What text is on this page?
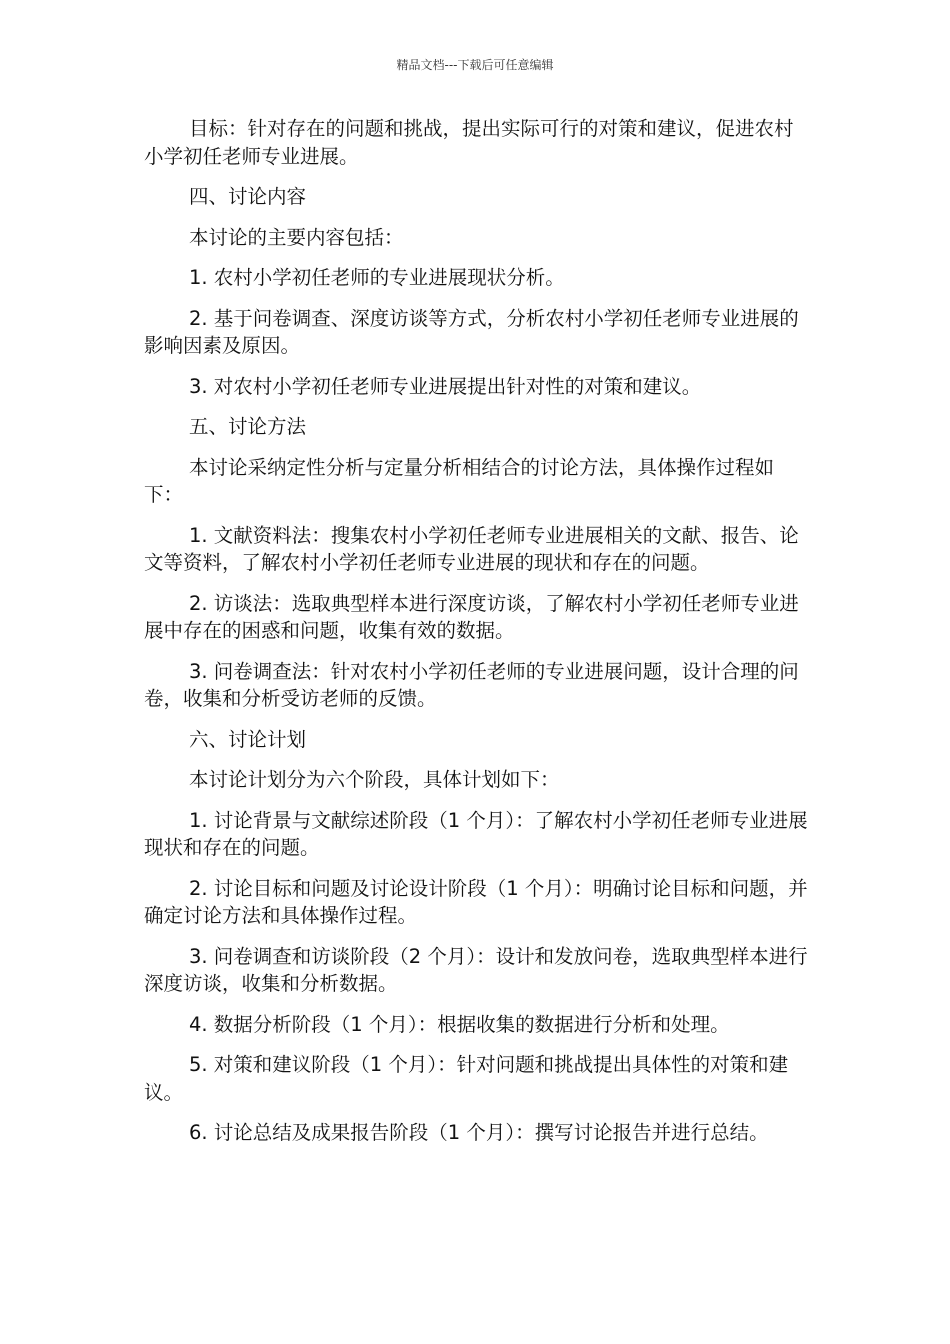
精品文档---下载后可任意编辑

目标：针对存在的问题和挑战，提出实际可行的对策和建议，促进农村小学初任老师专业进展。

四、讨论内容

本讨论的主要内容包括：

1. 农村小学初任老师的专业进展现状分析。

2. 基于问卷调查、深度访谈等方式，分析农村小学初任老师专业进展的影响因素及原因。

3. 对农村小学初任老师专业进展提出针对性的对策和建议。

五、讨论方法

本讨论采纳定性分析与定量分析相结合的讨论方法，具体操作过程如下：

1. 文献资料法：搜集农村小学初任老师专业进展相关的文献、报告、论文等资料，了解农村小学初任老师专业进展的现状和存在的问题。

2. 访谈法：选取典型样本进行深度访谈，了解农村小学初任老师专业进展中存在的困惑和问题，收集有效的数据。

3. 问卷调查法：针对农村小学初任老师的专业进展问题，设计合理的问卷，收集和分析受访老师的反馈。

六、讨论计划

本讨论计划分为六个阶段，具体计划如下：

1. 讨论背景与文献综述阶段（1 个月）：了解农村小学初任老师专业进展现状和存在的问题。

2. 讨论目标和问题及讨论设计阶段（1 个月）：明确讨论目标和问题，并确定讨论方法和具体操作过程。

3. 问卷调查和访谈阶段（2 个月）：设计和发放问卷，选取典型样本进行深度访谈，收集和分析数据。

4. 数据分析阶段（1 个月）：根据收集的数据进行分析和处理。

5. 对策和建议阶段（1 个月）：针对问题和挑战提出具体性的对策和建议。

6. 讨论总结及成果报告阶段（1 个月）：撰写讨论报告并进行总结。
